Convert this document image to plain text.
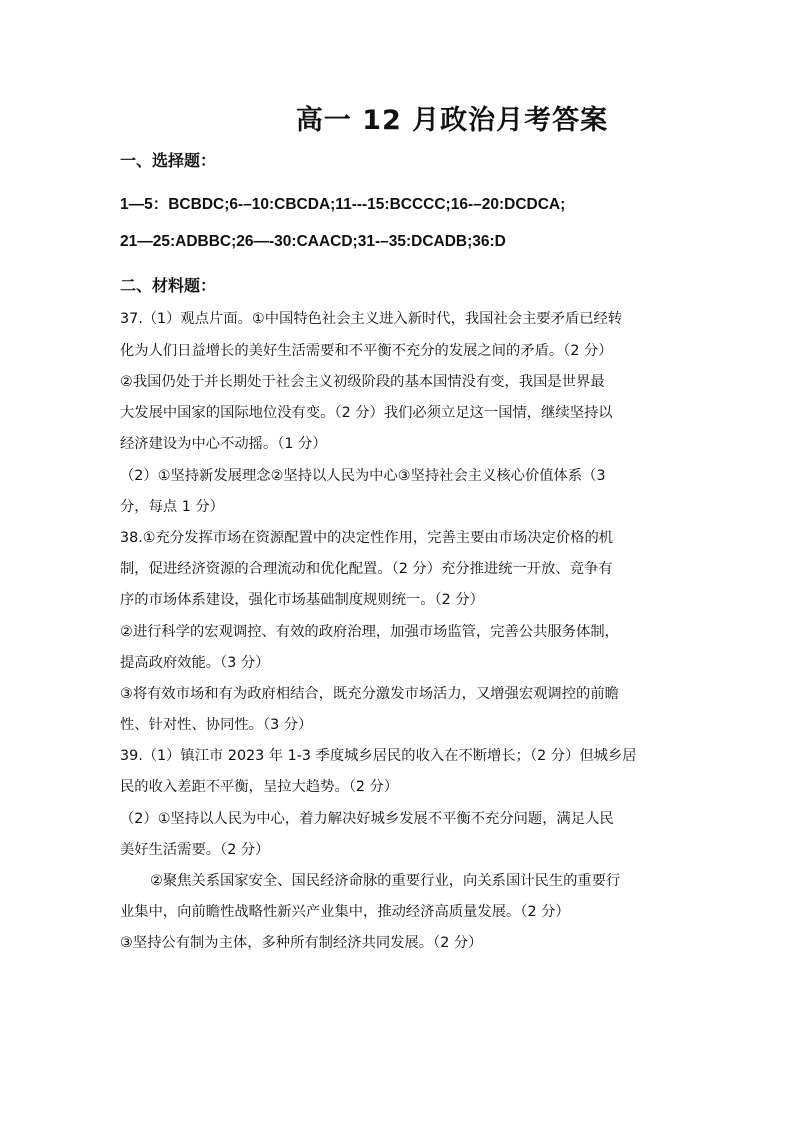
高一 12 月政治月考答案
一、选择题：
1—5：BCBDC;6-–10:CBCDA;11---15:BCCCC;16-–20:DCDCA;
21—25:ADBBC;26—-30:CAACD;31-–35:DCADB;36:D
二、材料题：
37.（1）观点片面。①中国特色社会主义进入新时代，我国社会主要矛盾已经转
化为人们日益增长的美好生活需要和不平衡不充分的发展之间的矛盾。（2 分）
②我国仍处于并长期处于社会主义初级阶段的基本国情没有变，我国是世界最
大发展中国家的国际地位没有变。（2 分）我们必须立足这一国情，继续坚持以
经济建设为中心不动摇。（1 分）
（2）①坚持新发展理念②坚持以人民为中心③坚持社会主义核心价值体系（3
分，每点 1 分）
38.①充分发挥市场在资源配置中的决定性作用，完善主要由市场决定价格的机
制，促进经济资源的合理流动和优化配置。（2 分）充分推进统一开放、竞争有
序的市场体系建设，强化市场基础制度规则统一。（2 分）
②进行科学的宏观调控、有效的政府治理，加强市场监管，完善公共服务体制，
提高政府效能。（3 分）
③将有效市场和有为政府相结合，既充分激发市场活力，又增强宏观调控的前瞻
性、针对性、协同性。（3 分）
39.（1）镇江市 2023 年 1-3 季度城乡居民的收入在不断增长；（2 分）但城乡居
民的收入差距不平衡，呈拉大趋势。（2 分）
（2）①坚持以人民为中心，着力解决好城乡发展不平衡不充分问题，满足人民
美好生活需要。（2 分）
②聚焦关系国家安全、国民经济命脉的重要行业，向关系国计民生的重要行
业集中，向前瞻性战略性新兴产业集中，推动经济高质量发展。（2 分）
③坚持公有制为主体，多种所有制经济共同发展。（2 分）
